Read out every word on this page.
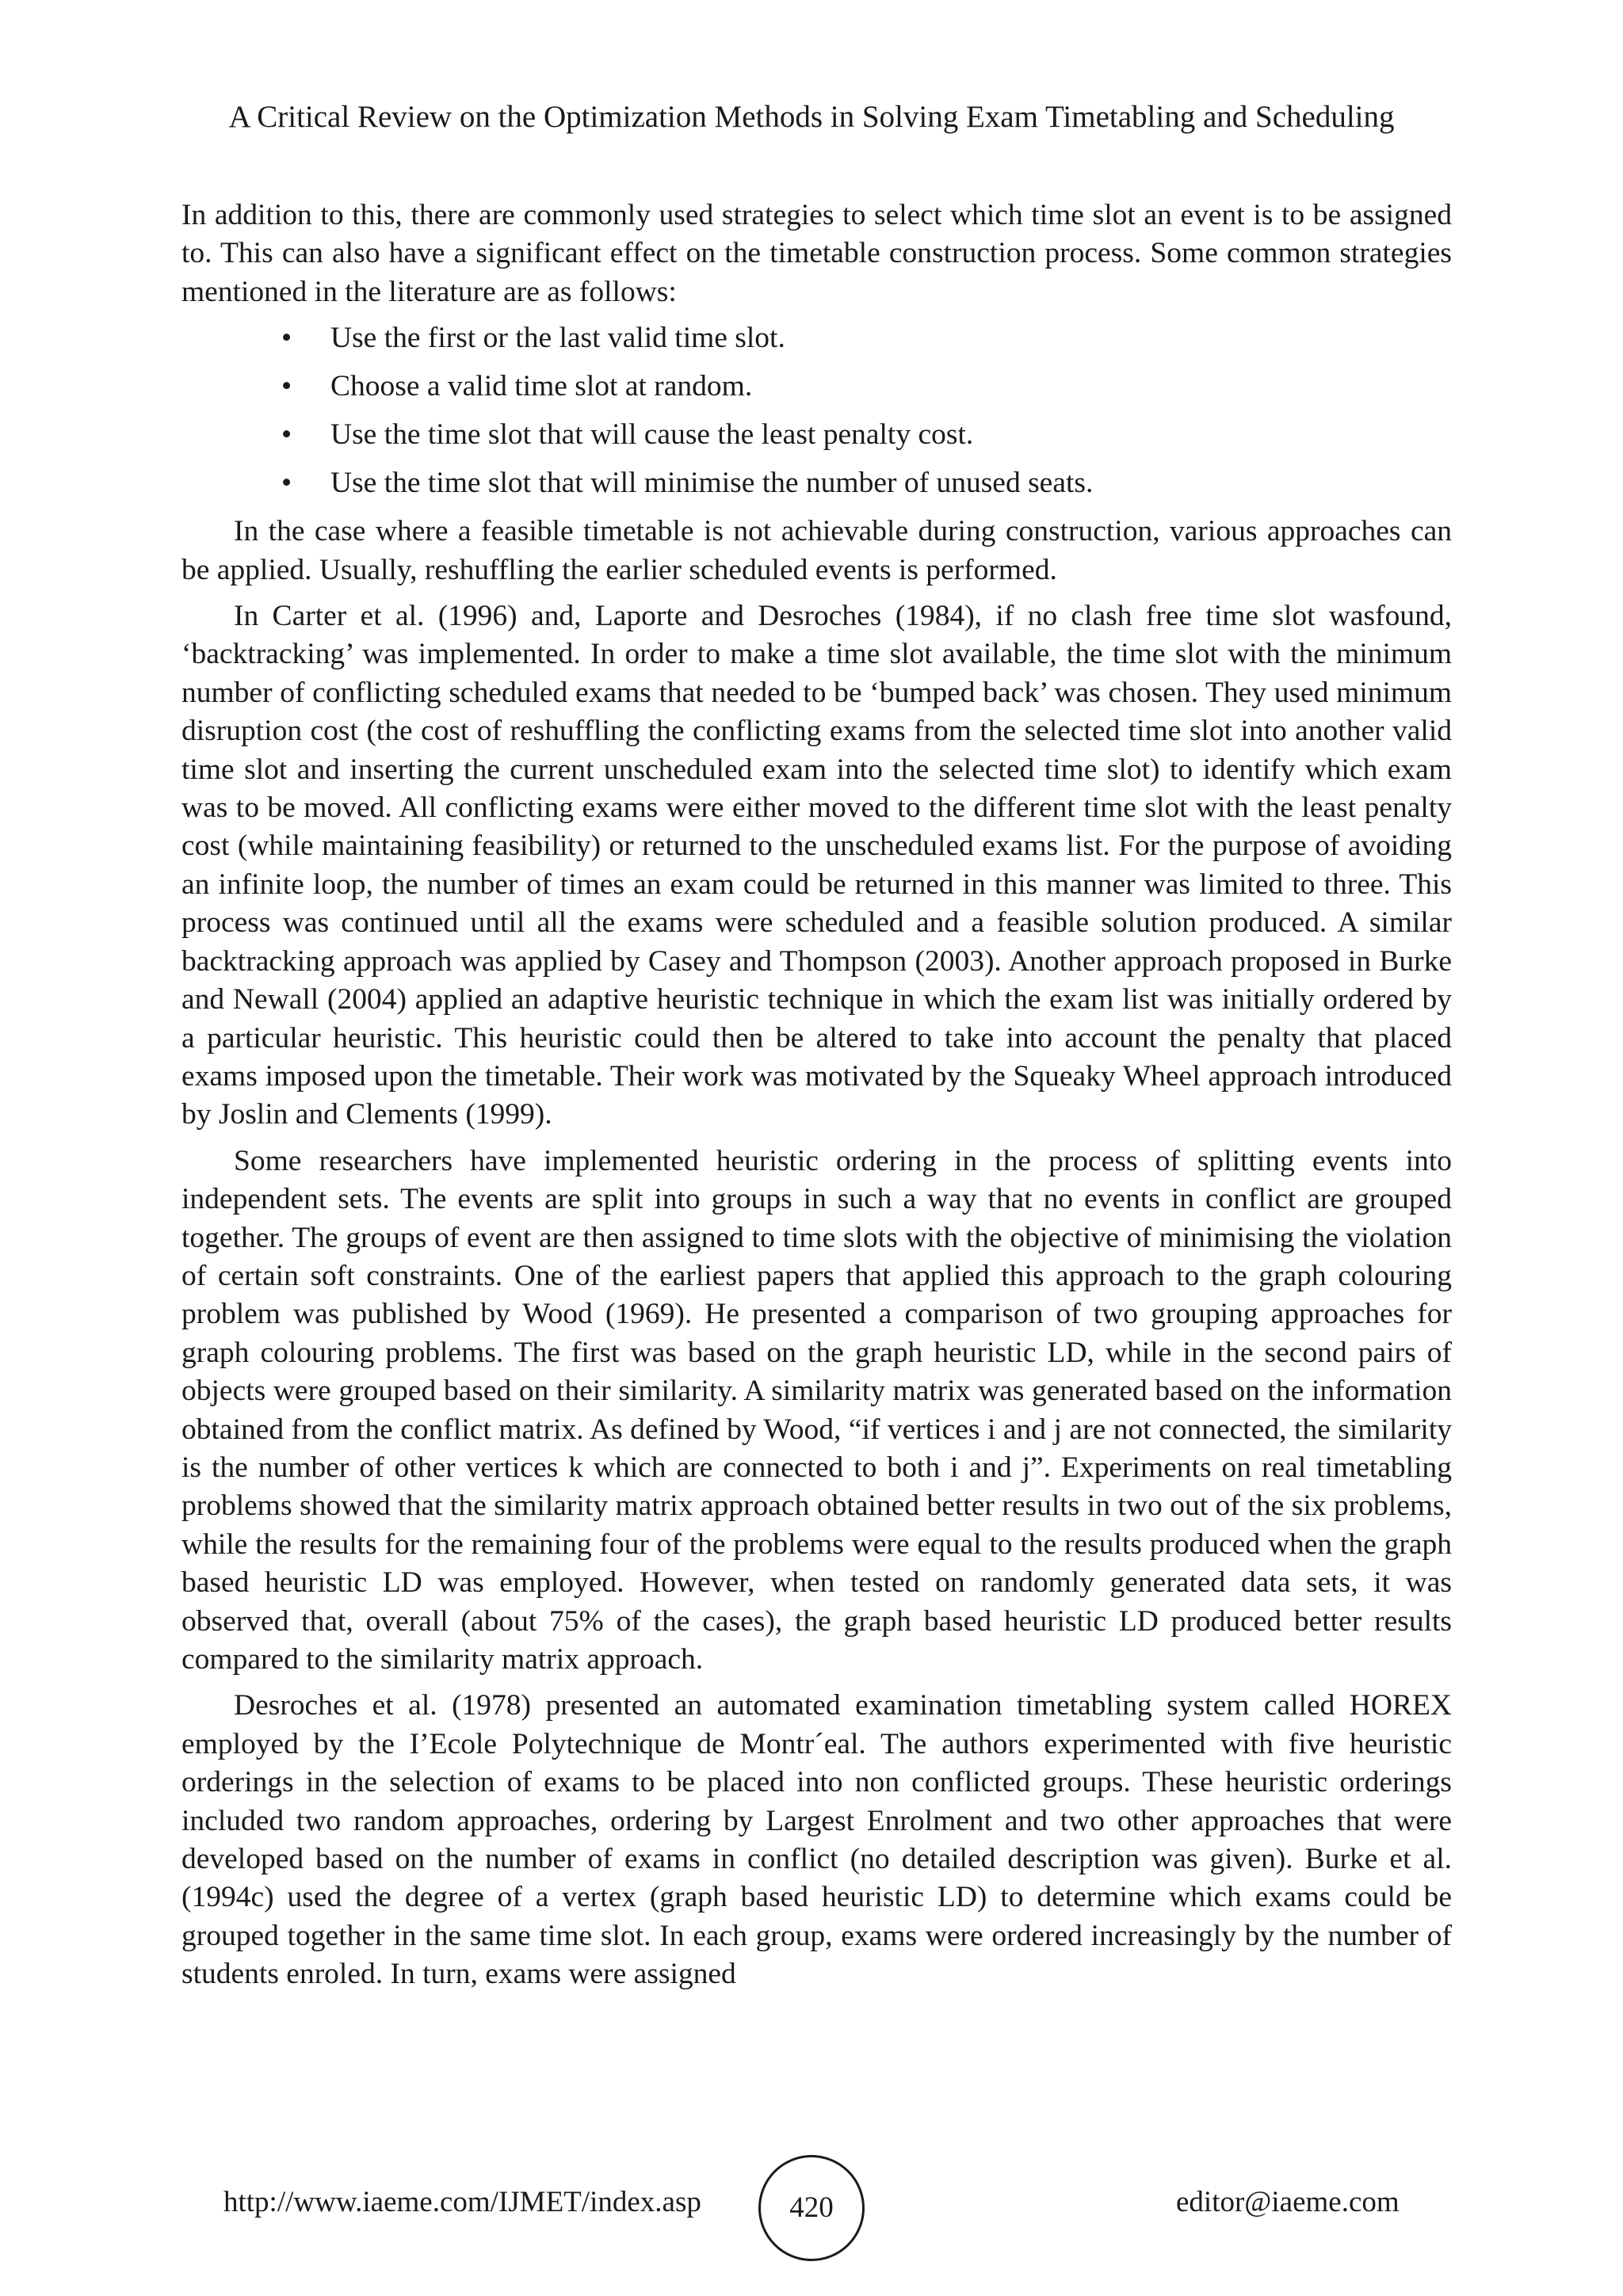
A Critical Review on the Optimization Methods in Solving Exam Timetabling and Scheduling

In addition to this, there are commonly used strategies to select which time slot an event is to be assigned to. This can also have a significant effect on the timetable construction process. Some common strategies mentioned in the literature are as follows:

• Use the first or the last valid time slot.
• Choose a valid time slot at random.
• Use the time slot that will cause the least penalty cost.
• Use the time slot that will minimise the number of unused seats.

In the case where a feasible timetable is not achievable during construction, various approaches can be applied. Usually, reshuffling the earlier scheduled events is performed.

In Carter et al. (1996) and, Laporte and Desroches (1984), if no clash free time slot wasfound, ‘backtracking’ was implemented. In order to make a time slot available, the time slot with the minimum number of conflicting scheduled exams that needed to be ‘bumped back’ was chosen. They used minimum disruption cost (the cost of reshuffling the conflicting exams from the selected time slot into another valid time slot and inserting the current unscheduled exam into the selected time slot) to identify which exam was to be moved. All conflicting exams were either moved to the different time slot with the least penalty cost (while maintaining feasibility) or returned to the unscheduled exams list. For the purpose of avoiding an infinite loop, the number of times an exam could be returned in this manner was limited to three. This process was continued until all the exams were scheduled and a feasible solution produced. A similar backtracking approach was applied by Casey and Thompson (2003). Another approach proposed in Burke and Newall (2004) applied an adaptive heuristic technique in which the exam list was initially ordered by a particular heuristic. This heuristic could then be altered to take into account the penalty that placed exams imposed upon the timetable. Their work was motivated by the Squeaky Wheel approach introduced by Joslin and Clements (1999).

Some researchers have implemented heuristic ordering in the process of splitting events into independent sets. The events are split into groups in such a way that no events in conflict are grouped together. The groups of event are then assigned to time slots with the objective of minimising the violation of certain soft constraints. One of the earliest papers that applied this approach to the graph colouring problem was published by Wood (1969). He presented a comparison of two grouping approaches for graph colouring problems. The first was based on the graph heuristic LD, while in the second pairs of objects were grouped based on their similarity. A similarity matrix was generated based on the information obtained from the conflict matrix. As defined by Wood, “if vertices i and j are not connected, the similarity is the number of other vertices k which are connected to both i and j”. Experiments on real timetabling problems showed that the similarity matrix approach obtained better results in two out of the six problems, while the results for the remaining four of the problems were equal to the results produced when the graph based heuristic LD was employed. However, when tested on randomly generated data sets, it was observed that, overall (about 75% of the cases), the graph based heuristic LD produced better results compared to the similarity matrix approach.

Desroches et al. (1978) presented an automated examination timetabling system called HOREX employed by the I’Ecole Polytechnique de Montr´eal. The authors experimented with five heuristic orderings in the selection of exams to be placed into non conflicted groups. These heuristic orderings included two random approaches, ordering by Largest Enrolment and two other approaches that were developed based on the number of exams in conflict (no detailed description was given). Burke et al. (1994c) used the degree of a vertex (graph based heuristic LD) to determine which exams could be grouped together in the same time slot. In each group, exams were ordered increasingly by the number of students enroled. In turn, exams were assigned

http://www.iaeme.com/IJMET/index.asp	420	editor@iaeme.com
